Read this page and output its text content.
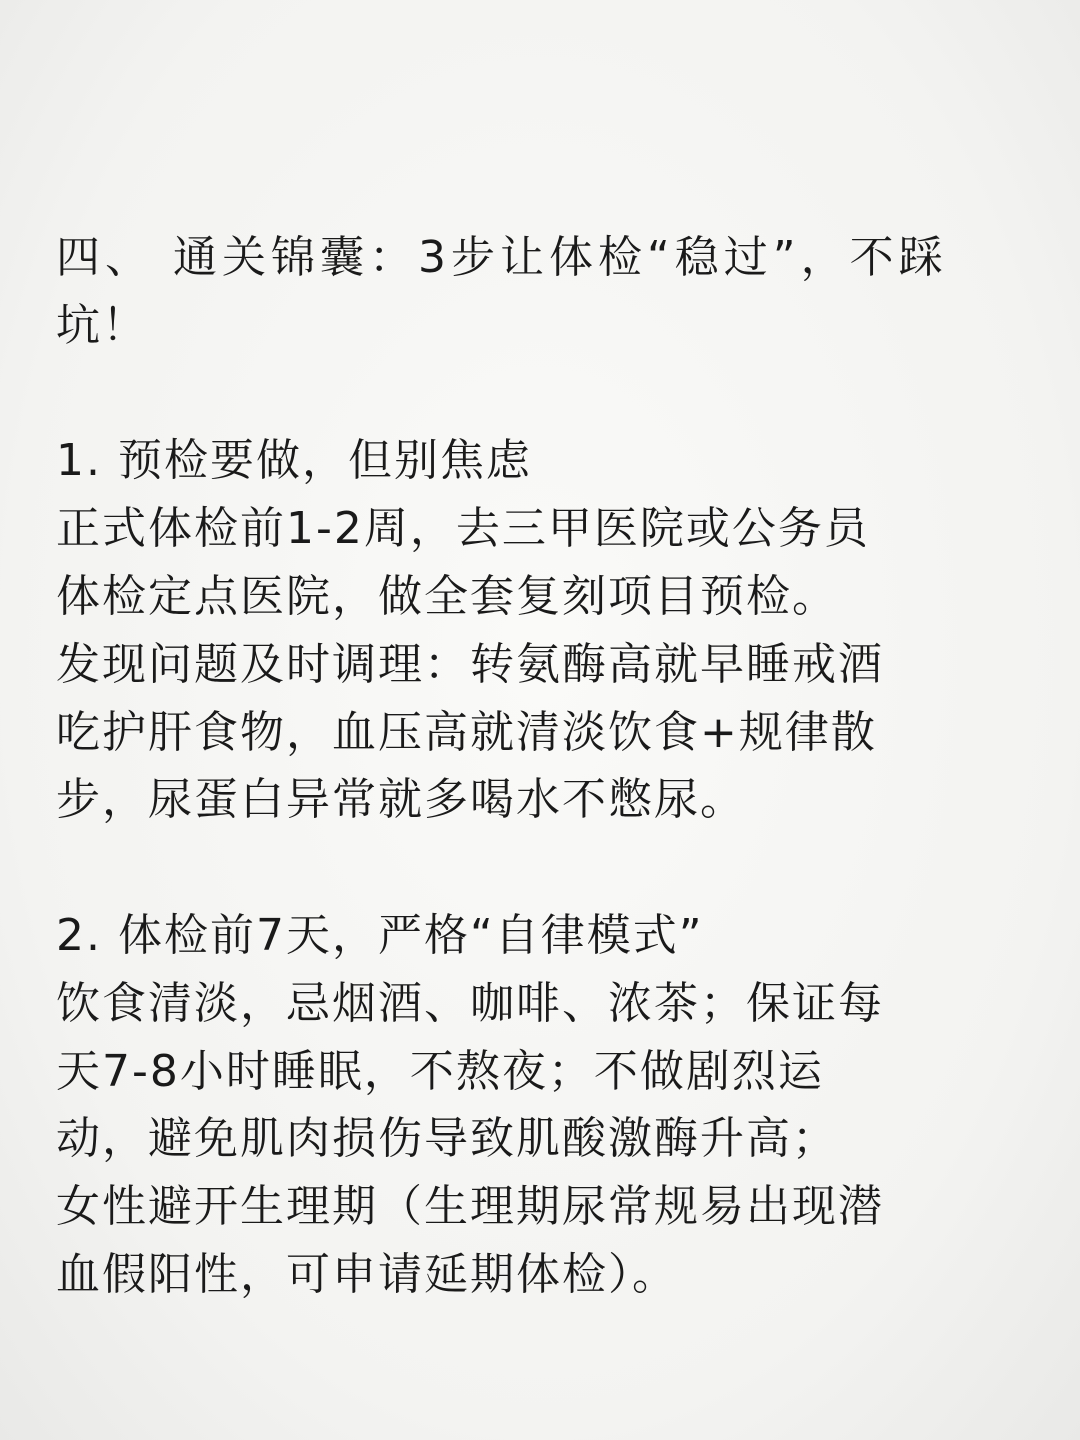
四、 通关锦囊：3步让体检“稳过”，不踩

坑！

1. 预检要做，但别焦虑

正式体检前1-2周，去三甲医院或公务员

体检定点医院，做全套复刻项目预检。

发现问题及时调理：转氨酶高就早睡戒酒

吃护肝食物，血压高就清淡饮食+规律散

步，尿蛋白异常就多喝水不憋尿。

2. 体检前7天，严格“自律模式”

饮食清淡，忌烟酒、咖啡、浓茶；保证每

天7-8小时睡眠，不熬夜；不做剧烈运

动，避免肌肉损伤导致肌酸激酶升高；

女性避开生理期（生理期尿常规易出现潜

血假阳性，可申请延期体检）。
